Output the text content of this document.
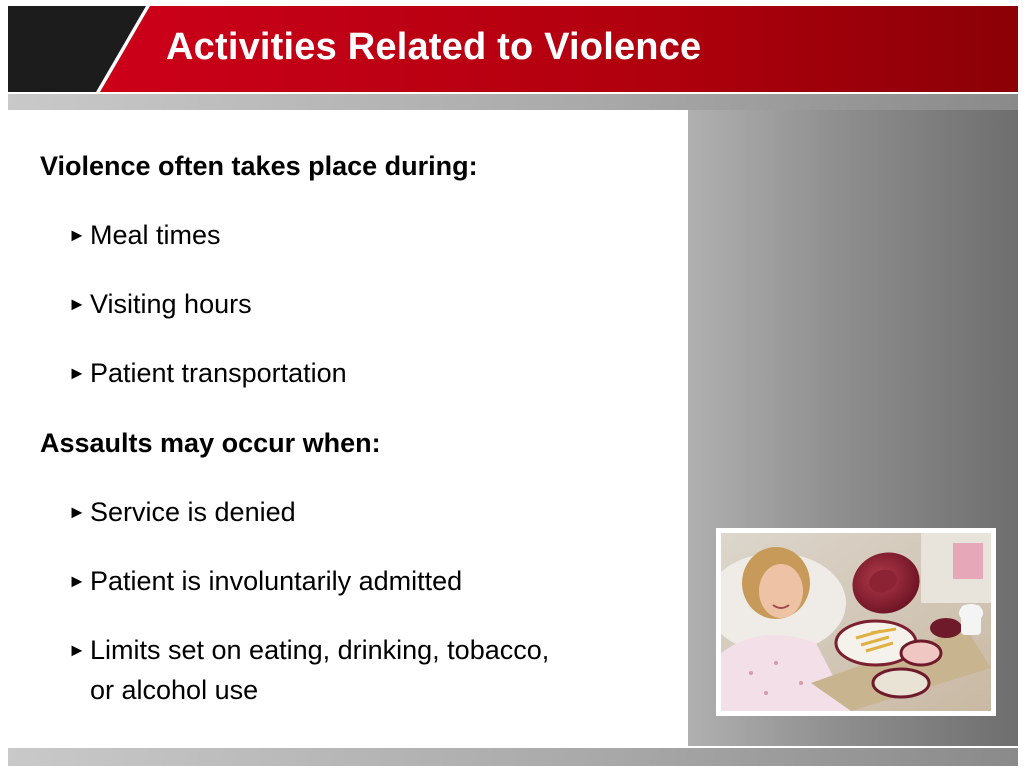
Activities Related to Violence
Violence often takes place during:
► Meal times
► Visiting hours
► Patient transportation
Assaults may occur when:
► Service is denied
► Patient is involuntarily admitted
► Limits set on eating, drinking, tobacco, or alcohol use
